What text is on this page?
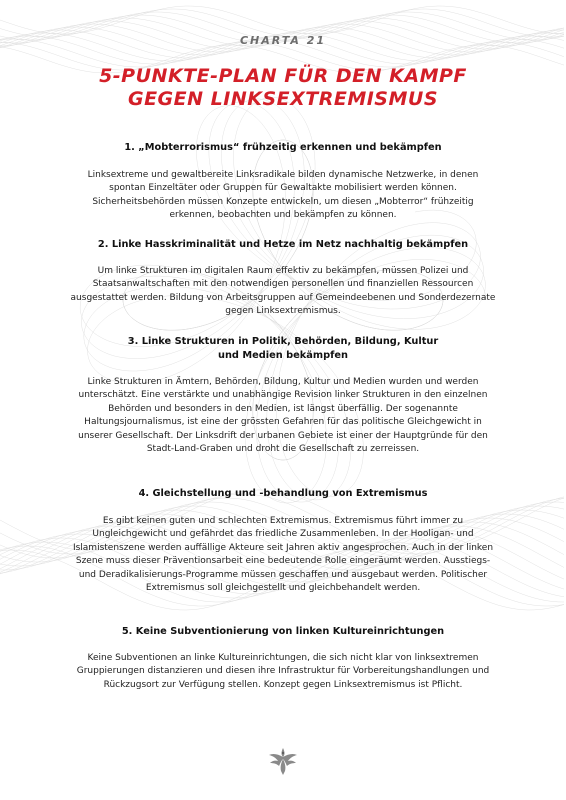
CHARTA 21
5-PUNKTE-PLAN FÜR DEN KAMPF
GEGEN LINKSEXTREMISMUS

1. „Mobterrorismus“ frühzeitig erkennen und bekämpfen

Linksextreme und gewaltbereite Linksradikale bilden dynamische Netzwerke, in denen spontan Einzeltäter oder Gruppen für Gewaltakte mobilisiert werden können. Sicherheitsbehörden müssen Konzepte entwickeln, um diesen „Mobterror“ frühzeitig erkennen, beobachten und bekämpfen zu können.

2. Linke Hasskriminalität und Hetze im Netz nachhaltig bekämpfen

Um linke Strukturen im digitalen Raum effektiv zu bekämpfen, müssen Polizei und Staatsanwaltschaften mit den notwendigen personellen und finanziellen Ressourcen ausgestattet werden. Bildung von Arbeitsgruppen auf Gemeindeebenen und Sonderdezernate gegen Linksextremismus.

3. Linke Strukturen in Politik, Behörden, Bildung, Kultur und Medien bekämpfen

Linke Strukturen in Ämtern, Behörden, Bildung, Kultur und Medien wurden und werden unterschätzt. Eine verstärkte und unabhängige Revision linker Strukturen in den einzelnen Behörden und besonders in den Medien, ist längst überfällig. Der sogenannte Haltungsjournalismus, ist eine der grössten Gefahren für das politische Gleichgewicht in unserer Gesellschaft. Der Linksdrift der urbanen Gebiete ist einer der Hauptgründe für den Stadt-Land-Graben und droht die Gesellschaft zu zerreissen.

4. Gleichstellung und -behandlung von Extremismus

Es gibt keinen guten und schlechten Extremismus. Extremismus führt immer zu Ungleichgewicht und gefährdet das friedliche Zusammenleben. In der Hooligan- und Islamistenszene werden auffällige Akteure seit Jahren aktiv angesprochen. Auch in der linken Szene muss dieser Präventionsarbeit eine bedeutende Rolle eingeräumt werden. Ausstiegs- und Deradikalisierungs-Programme müssen geschaffen und ausgebaut werden. Politischer Extremismus soll gleichgestellt und gleichbehandelt werden.

5. Keine Subventionierung von linken Kultureinrichtungen

Keine Subventionen an linke Kultureinrichtungen, die sich nicht klar von linksextremen Gruppierungen distanzieren und diesen ihre Infrastruktur für Vorbereitungshandlungen und Rückzugsort zur Verfügung stellen. Konzept gegen Linksextremismus ist Pflicht.
